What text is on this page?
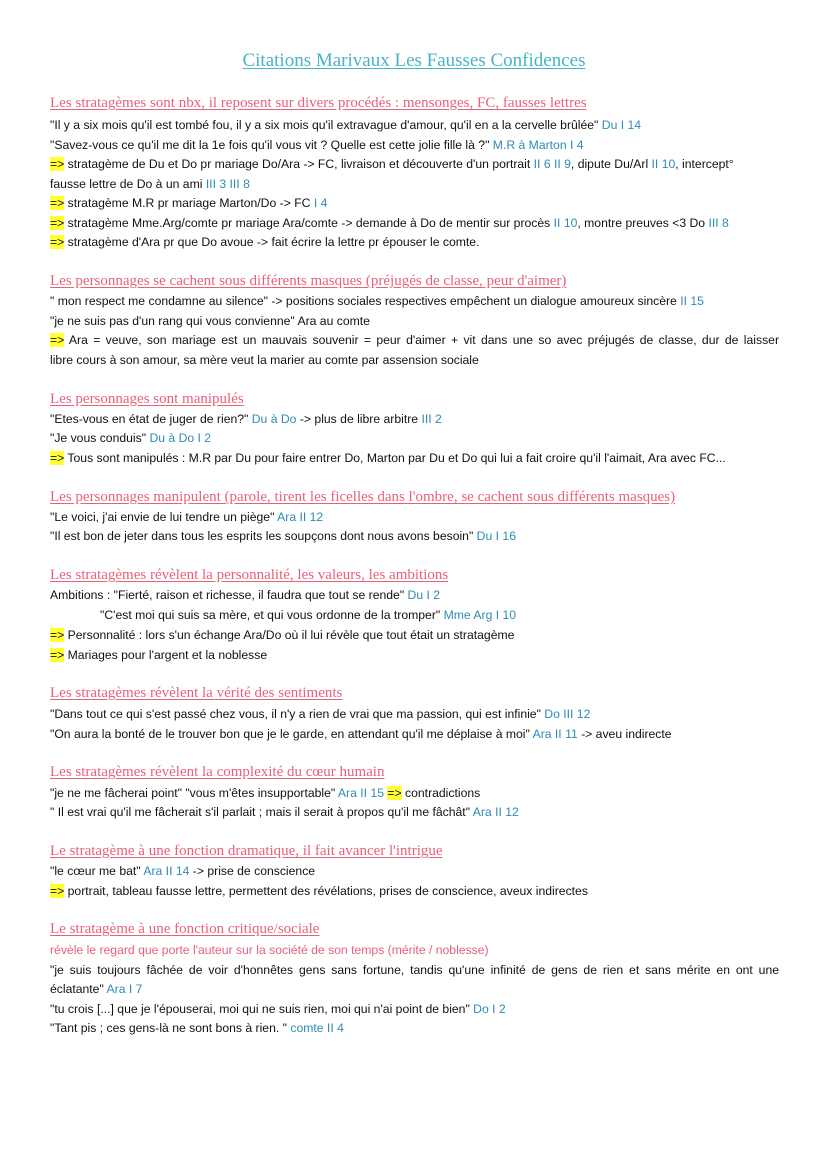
Citations Marivaux Les Fausses Confidences
Les stratagèmes sont nbx, il reposent sur divers procédés : mensonges, FC, fausses lettres
"Il y a six mois qu'il est tombé fou, il y a six mois qu'il extravague d'amour, qu'il en a la cervelle brûlée" Du I 14
"Savez-vous ce qu'il me dit la 1e fois qu'il vous vit ? Quelle est cette jolie fille là ?" M.R à Marton I 4
=> stratagème de Du et Do pr mariage Do/Ara -> FC, livraison et découverte d'un portrait II 6 II 9, dipute Du/Arl II 10, intercept°
fausse lettre de Do à un ami III 3 III 8
=> stratagème M.R pr mariage Marton/Do -> FC I 4
=> stratagème Mme.Arg/comte pr mariage Ara/comte -> demande à Do de mentir sur procès II 10, montre preuves <3 Do III 8
=> stratagème d'Ara pr que Do avoue -> fait écrire la lettre pr épouser le comte.
Les personnages se cachent sous différents masques (préjugés de classe, peur d'aimer)
" mon respect me condamne au silence" -> positions sociales respectives empêchent un dialogue amoureux sincère II 15
"je ne suis pas d'un rang qui vous convienne" Ara au comte
=> Ara = veuve, son mariage est un mauvais souvenir = peur d'aimer + vit dans une so avec préjugés de classe, dur de laisser
libre cours à son amour, sa mère veut la marier au comte par assension sociale
Les personnages sont manipulés
"Etes-vous en état de juger de rien?" Du à Do -> plus de libre arbitre III 2
"Je vous conduis" Du à Do I 2
=> Tous sont manipulés : M.R par Du pour faire entrer Do, Marton par Du et Do qui lui a fait croire qu'il l'aimait, Ara avec FC...
Les personnages manipulent (parole, tirent les ficelles dans l'ombre, se cachent sous différents masques)
"Le voici, j'ai envie de lui tendre un piège" Ara II 12
"Il est bon de jeter dans tous les esprits les soupçons dont nous avons besoin" Du I 16
Les stratagèmes révèlent la personnalité, les valeurs, les ambitions
Ambitions : "Fierté, raison et richesse, il faudra que tout se rende" Du I 2
"C'est moi qui suis sa mère, et qui vous ordonne de la tromper" Mme Arg I 10
=> Personnalité : lors s'un échange Ara/Do où il lui révèle que tout était un stratagème
=> Mariages pour l'argent et la noblesse
Les stratagèmes révèlent la vérité des sentiments
"Dans tout ce qui s'est passé chez vous, il n'y a rien de vrai que ma passion, qui est infinie" Do III 12
"On aura la bonté de le trouver bon que je le garde, en attendant qu'il me déplaise à moi" Ara II 11 -> aveu indirecte
Les stratagèmes révèlent la complexité du cœur humain
"je ne me fâcherai point" "vous m'êtes insupportable" Ara II 15 => contradictions
" Il est vrai qu'il me fâcherait s'il parlait ; mais il serait à propos qu'il me fâchât" Ara II 12
Le stratagème à une fonction dramatique, il fait avancer l'intrigue
"le cœur me bat" Ara II 14 -> prise de conscience
=> portrait, tableau fausse lettre, permettent des révélations, prises de conscience, aveux indirectes
Le stratagème à une fonction critique/sociale
révèle le regard que porte l'auteur sur la société de son temps (mérite / noblesse)
"je suis toujours fâchée de voir d'honnêtes gens sans fortune, tandis qu'une infinité de gens de rien et sans mérite en ont une
éclatante" Ara I 7
"tu crois [...] que je l'épouserai, moi qui ne suis rien, moi qui n'ai point de bien" Do I 2
"Tant pis ; ces gens-là ne sont bons à rien. " comte II 4
